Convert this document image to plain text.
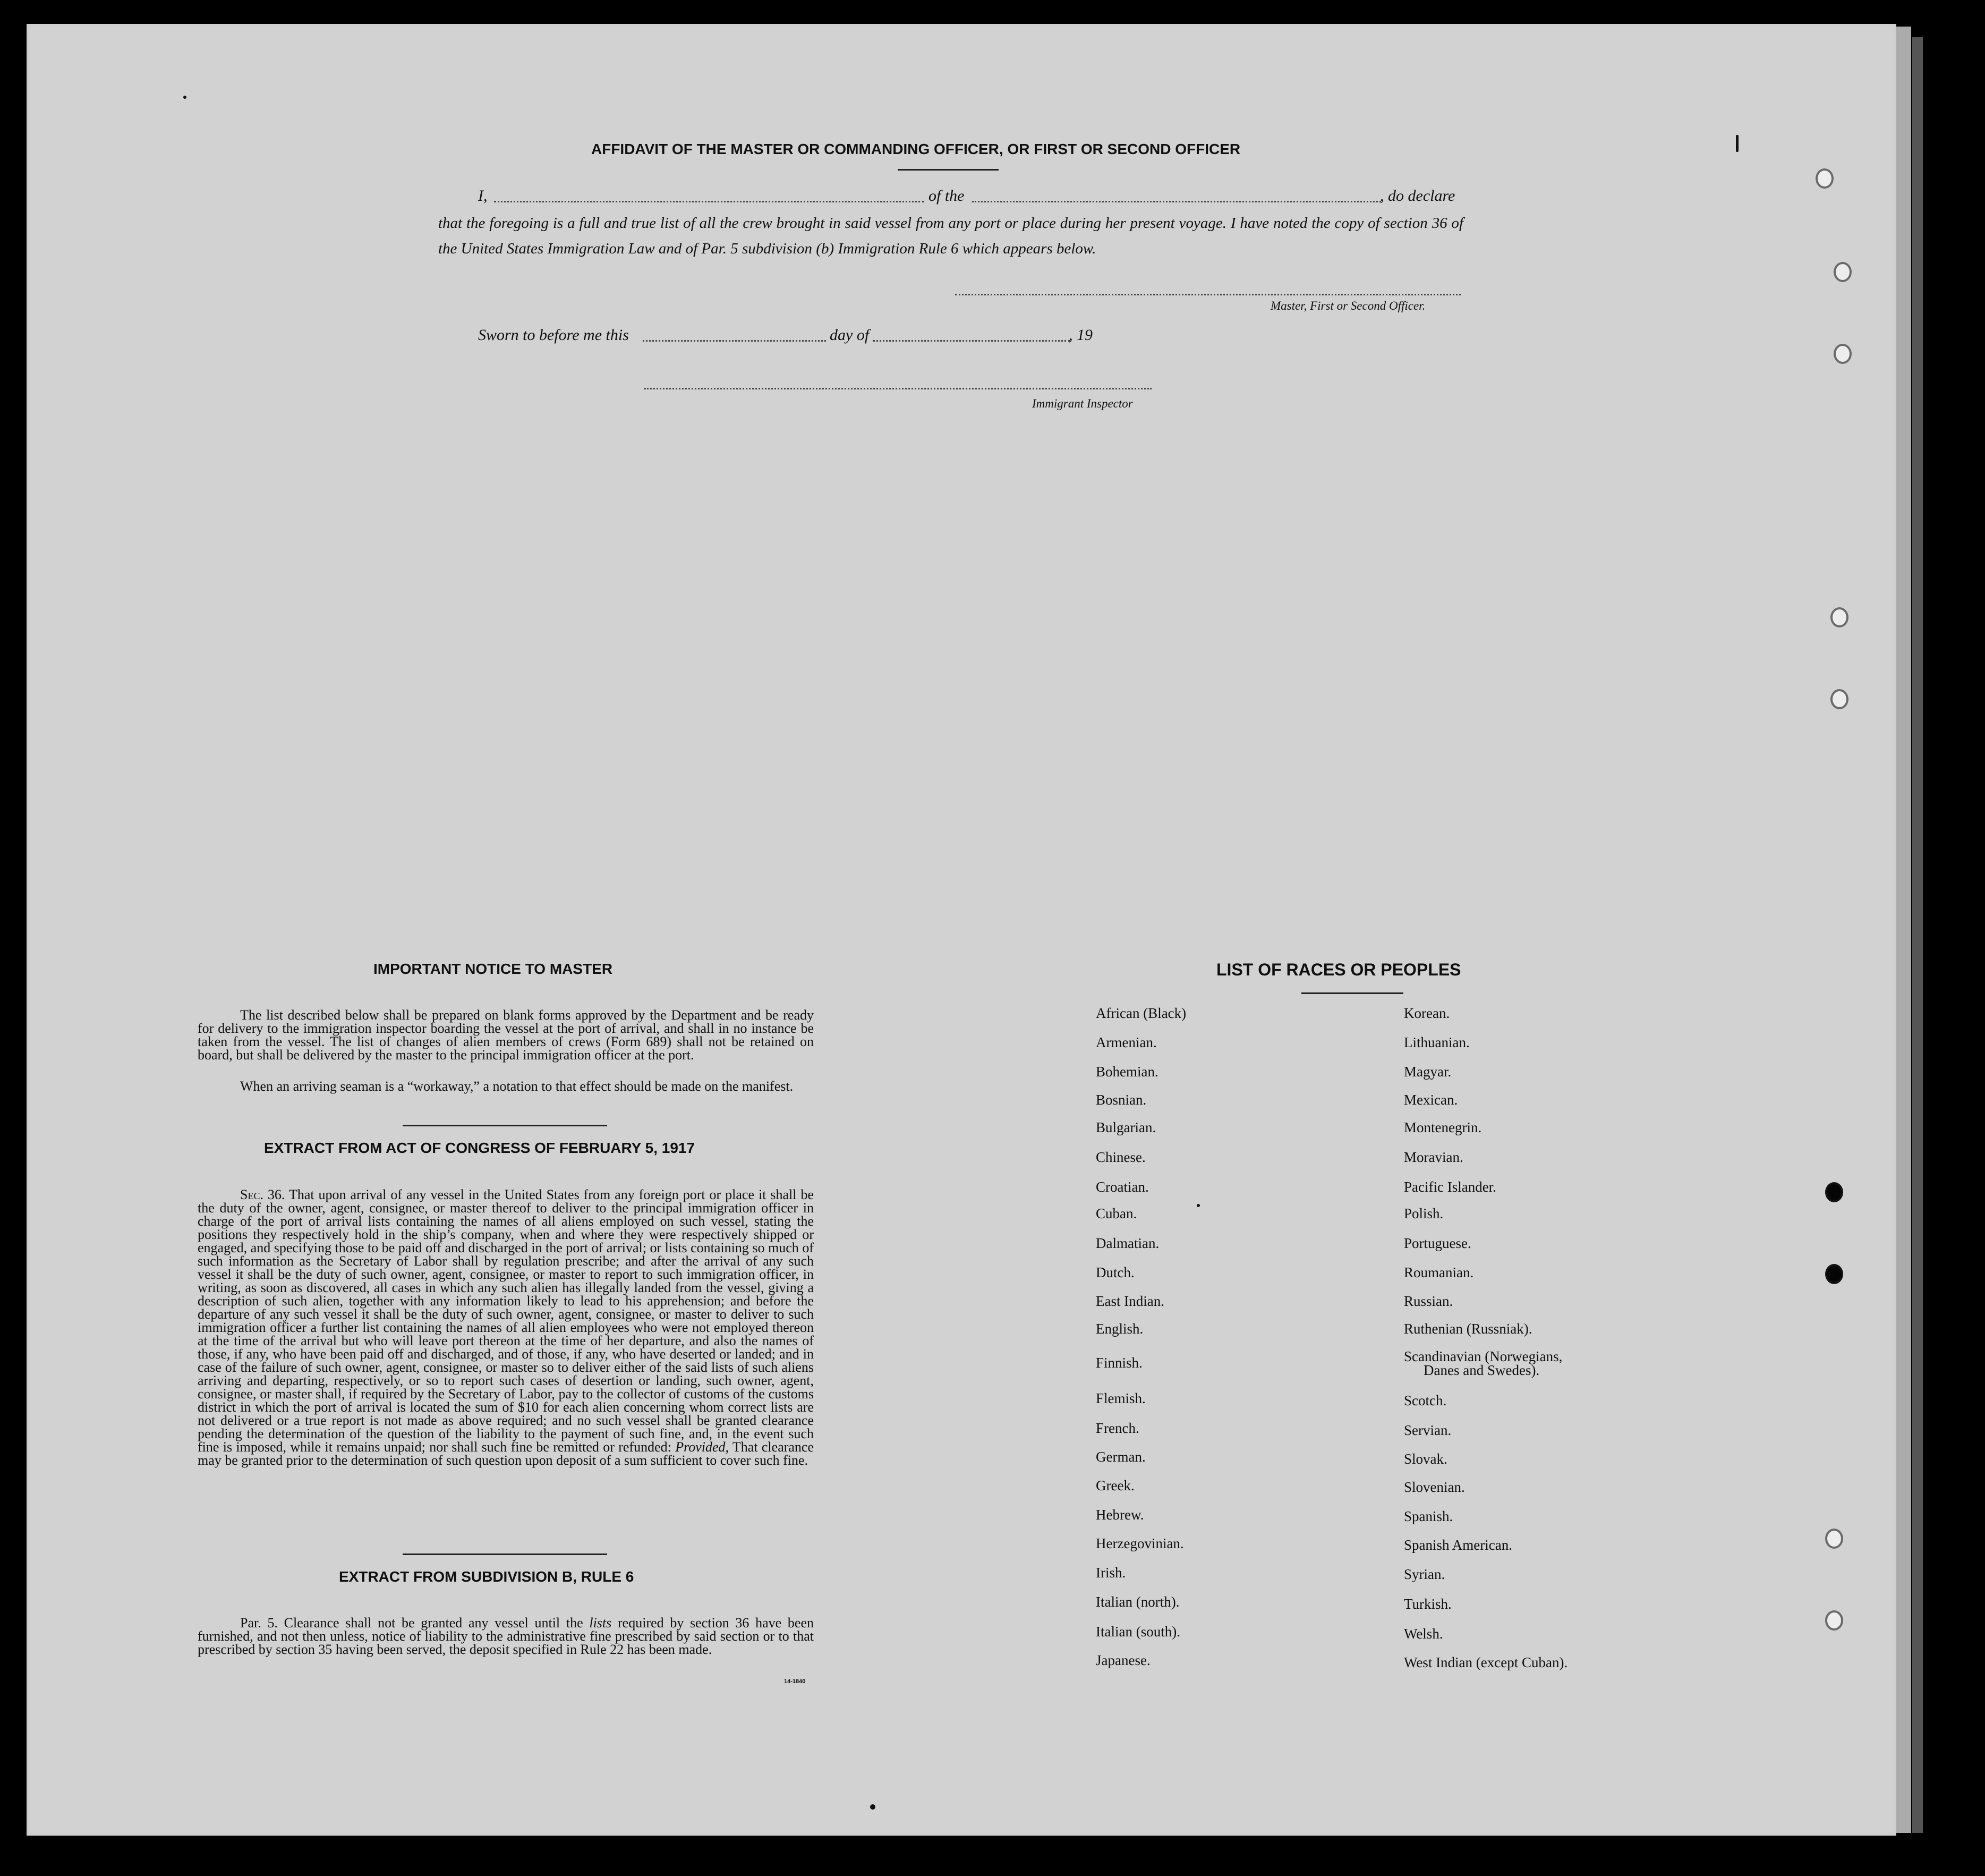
AFFIDAVIT OF THE MASTER OR COMMANDING OFFICER, OR FIRST OR SECOND OFFICER
I,	of the	, do declare
that the foregoing is a full and true list of all the crew brought in said vessel from any port or place during her present voyage. I have noted the copy of section 36 of the United States Immigration Law and of Par. 5 subdivision (b) Immigration Rule 6 which appears below.
Master, First or Second Officer.
Sworn to before me this	day of	, 19
Immigrant Inspector
IMPORTANT NOTICE TO MASTER
The list described below shall be prepared on blank forms approved by the Department and be ready for delivery to the immigration inspector boarding the vessel at the port of arrival, and shall in no instance be taken from the vessel. The list of changes of alien members of crews (Form 689) shall not be retained on board, but shall be delivered by the master to the principal immigration officer at the port.
When an arriving seaman is a “workaway,” a notation to that effect should be made on the manifest.
EXTRACT FROM ACT OF CONGRESS OF FEBRUARY 5, 1917
Sec. 36. That upon arrival of any vessel in the United States from any foreign port or place it shall be the duty of the owner, agent, consignee, or master thereof to deliver to the principal immigration officer in charge of the port of arrival lists containing the names of all aliens employed on such vessel, stating the positions they respectively hold in the ship’s company, when and where they were respectively shipped or engaged, and specifying those to be paid off and discharged in the port of arrival; or lists containing so much of such information as the Secretary of Labor shall by regulation prescribe; and after the arrival of any such vessel it shall be the duty of such owner, agent, consignee, or master to report to such immigration officer, in writing, as soon as discovered, all cases in which any such alien has illegally landed from the vessel, giving a description of such alien, together with any information likely to lead to his apprehension; and before the departure of any such vessel it shall be the duty of such owner, agent, consignee, or master to deliver to such immigration officer a further list containing the names of all alien employees who were not employed thereon at the time of the arrival but who will leave port thereon at the time of her departure, and also the names of those, if any, who have been paid off and discharged, and of those, if any, who have deserted or landed; and in case of the failure of such owner, agent, consignee, or master so to deliver either of the said lists of such aliens arriving and departing, respectively, or so to report such cases of desertion or landing, such owner, agent, consignee, or master shall, if required by the Secretary of Labor, pay to the collector of customs of the customs district in which the port of arrival is located the sum of $10 for each alien concerning whom correct lists are not delivered or a true report is not made as above required; and no such vessel shall be granted clearance pending the determination of the question of the liability to the payment of such fine, and, in the event such fine is imposed, while it remains unpaid; nor shall such fine be remitted or refunded: Provided, That clearance may be granted prior to the determination of such question upon deposit of a sum sufficient to cover such fine.
EXTRACT FROM SUBDIVISION B, RULE 6
Par. 5. Clearance shall not be granted any vessel until the lists required by section 36 have been furnished, and not then unless, notice of liability to the administrative fine prescribed by said section or to that prescribed by section 35 having been served, the deposit specified in Rule 22 has been made.
14-1840
LIST OF RACES OR PEOPLES
African (Black)
Armenian.
Bohemian.
Bosnian.
Bulgarian.
Chinese.
Croatian.
Cuban.
Dalmatian.
Dutch.
East Indian.
English.
Finnish.
Flemish.
French.
German.
Greek.
Hebrew.
Herzegovinian.
Irish.
Italian (north).
Italian (south).
Japanese.
Korean.
Lithuanian.
Magyar.
Mexican.
Montenegrin.
Moravian.
Pacific Islander.
Polish.
Portuguese.
Roumanian.
Russian.
Ruthenian (Russniak).
Scandinavian (Norwegians,
Danes and Swedes).
Scotch.
Servian.
Slovak.
Slovenian.
Spanish.
Spanish American.
Syrian.
Turkish.
Welsh.
West Indian (except Cuban).
